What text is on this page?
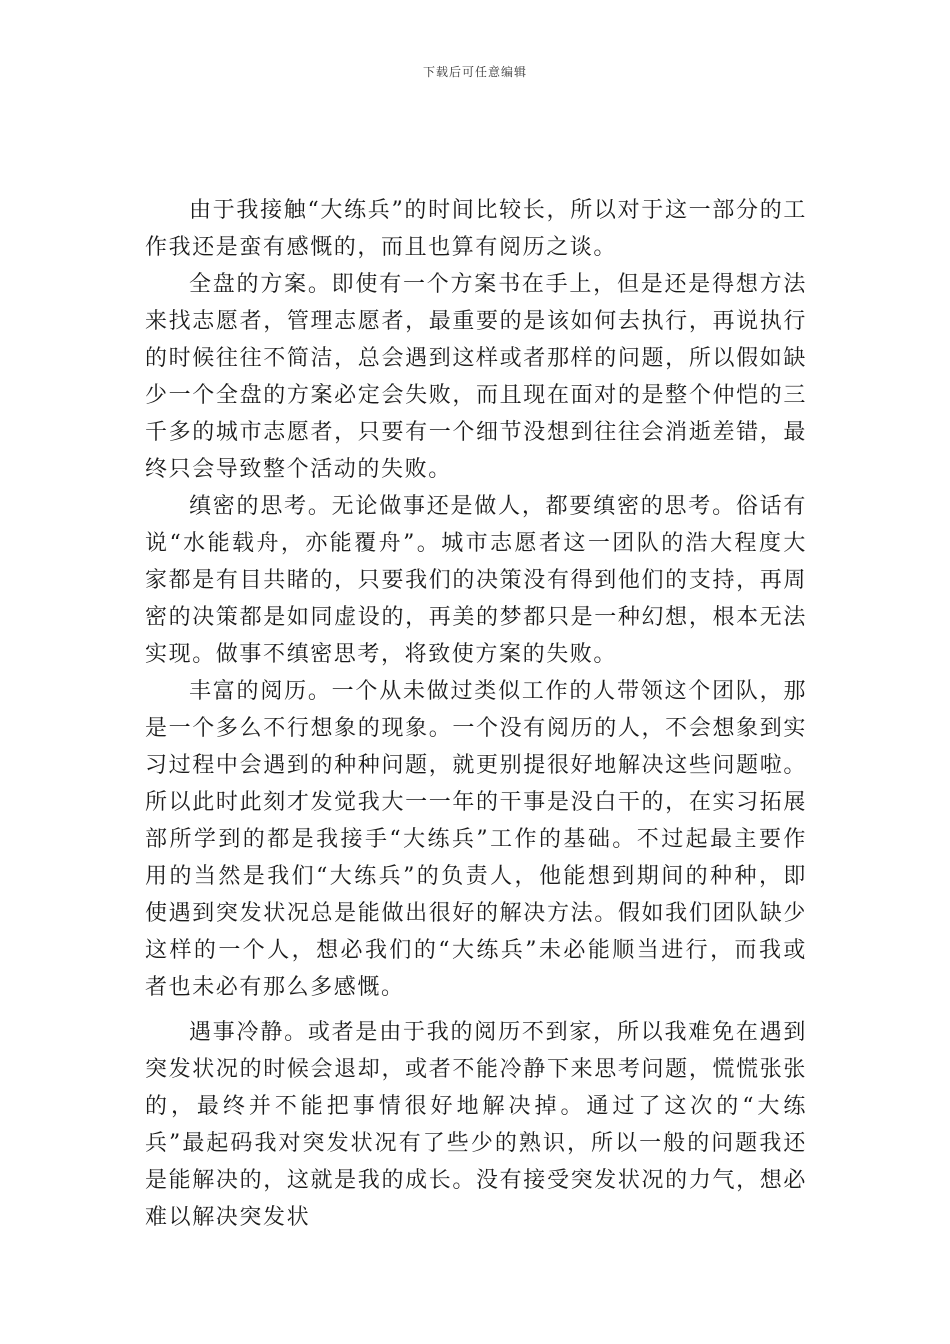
下载后可任意编辑

由于我接触“大练兵”的时间比较长，所以对于这一部分的工作我还是蛮有感慨的，而且也算有阅历之谈。

全盘的方案。即使有一个方案书在手上，但是还是得想方法来找志愿者，管理志愿者，最重要的是该如何去执行，再说执行的时候往往不简洁，总会遇到这样或者那样的问题，所以假如缺少一个全盘的方案必定会失败，而且现在面对的是整个仲恺的三千多的城市志愿者，只要有一个细节没想到往往会消逝差错，最终只会导致整个活动的失败。

缜密的思考。无论做事还是做人，都要缜密的思考。俗话有说“水能载舟，亦能覆舟”。城市志愿者这一团队的浩大程度大家都是有目共睹的，只要我们的决策没有得到他们的支持，再周密的决策都是如同虚设的，再美的梦都只是一种幻想，根本无法实现。做事不缜密思考，将致使方案的失败。

丰富的阅历。一个从未做过类似工作的人带领这个团队，那是一个多么不行想象的现象。一个没有阅历的人，不会想象到实习过程中会遇到的种种问题，就更别提很好地解决这些问题啦。所以此时此刻才发觉我大一一年的干事是没白干的，在实习拓展部所学到的都是我接手“大练兵”工作的基础。不过起最主要作用的当然是我们“大练兵”的负责人，他能想到期间的种种，即使遇到突发状况总是能做出很好的解决方法。假如我们团队缺少这样的一个人，想必我们的“大练兵”未必能顺当进行，而我或者也未必有那么多感慨。

遇事冷静。或者是由于我的阅历不到家，所以我难免在遇到突发状况的时候会退却，或者不能冷静下来思考问题，慌慌张张的，最终并不能把事情很好地解决掉。通过了这次的“大练兵”最起码我对突发状况有了些少的熟识，所以一般的问题我还是能解决的，这就是我的成长。没有接受突发状况的力气，想必难以解决突发状
